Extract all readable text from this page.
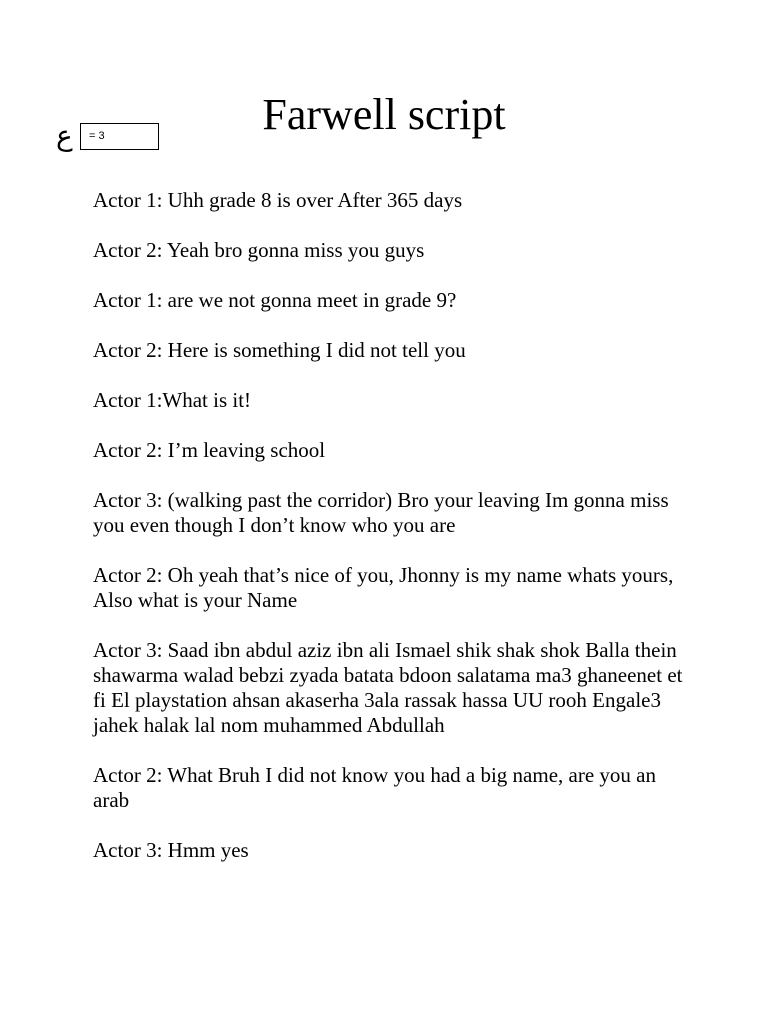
Farwell script
ع	= 3

Actor 1: Uhh grade 8 is over After 365 days

Actor 2: Yeah bro gonna miss you guys

Actor 1: are we not gonna meet in grade 9?

Actor 2: Here is something I did not tell you

Actor 1:What is it!

Actor 2: I’m leaving school

Actor 3: (walking past the corridor) Bro your leaving Im gonna miss you even though I don’t know who you are

Actor 2: Oh yeah that’s nice of you, Jhonny is my name whats yours, Also what is your Name

Actor 3: Saad ibn abdul aziz ibn ali Ismael shik shak shok Balla thein shawarma walad bebzi zyada batata bdoon salatama ma3 ghaneenet et fi El playstation ahsan akaserha 3ala rassak hassa UU rooh Engale3 jahek halak lal nom muhammed Abdullah

Actor 2: What Bruh I did not know you had a big name, are you an arab

Actor 3: Hmm yes
